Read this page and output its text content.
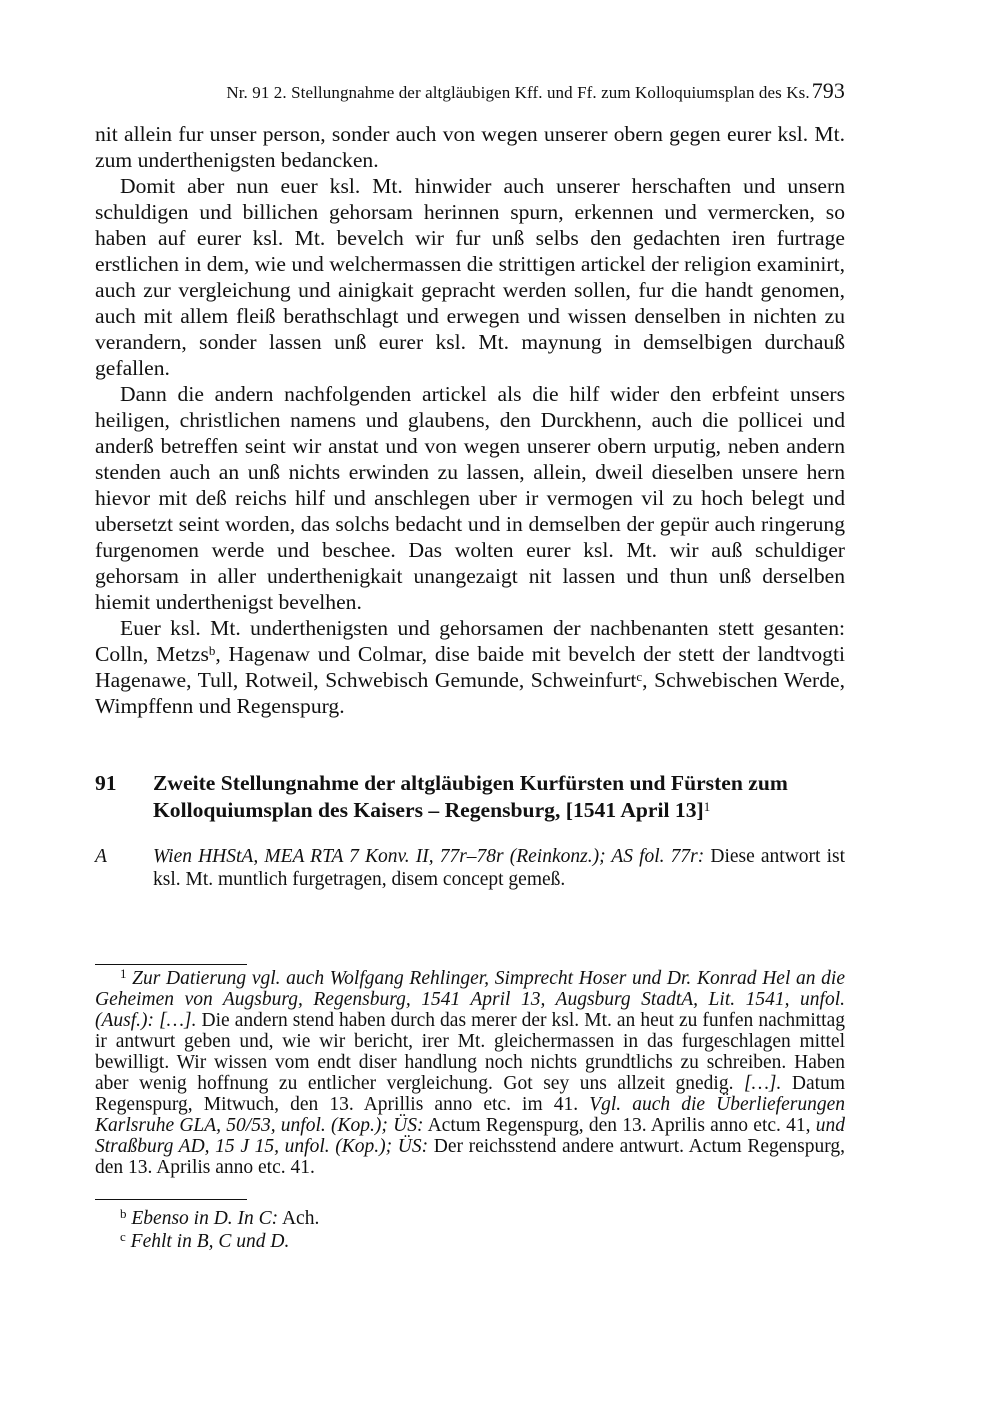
Nr. 91 2. Stellungnahme der altgläubigen Kff. und Ff. zum Kolloquiumsplan des Ks.793

nit allein fur unser person, sonder auch von wegen unserer obern gegen eurer ksl. Mt. zum underthenigsten bedancken.

Domit aber nun euer ksl. Mt. hinwider auch unserer herschaften und unsern schuldigen und billichen gehorsam herinnen spurn, erkennen und vermercken, so haben auf eurer ksl. Mt. bevelch wir fur unß selbs den gedachten iren furtrage erstlichen in dem, wie und welchermassen die strittigen artickel der religion examinirt, auch zur vergleichung und ainigkait gepracht werden sollen, fur die handt genomen, auch mit allem fleiß berathschlagt und erwegen und wissen denselben in nichten zu verandern, sonder lassen unß eurer ksl. Mt. maynung in demselbigen durchauß gefallen.

Dann die andern nachfolgenden artickel als die hilf wider den erbfeint unsers heiligen, christlichen namens und glaubens, den Durckhenn, auch die pollicei und anderß betreffen seint wir anstat und von wegen unserer obern urputig, neben andern stenden auch an unß nichts erwinden zu lassen, allein, dweil dieselben unsere hern hievor mit deß reichs hilf und anschlegen uber ir vermogen vil zu hoch belegt und ubersetzt seint worden, das solchs bedacht und in demselben der gepür auch ringerung furgenomen werde und beschee. Das wolten eurer ksl. Mt. wir auß schuldiger gehorsam in aller underthenigkait unangezaigt nit lassen und thun unß derselben hiemit underthenigst bevelhen.

Euer ksl. Mt. underthenigsten und gehorsamen der nachbenanten stett gesanten: Colln, Metzs$^b$, Hagenaw und Colmar, dise baide mit bevelch der stett der landtvogti Hagenawe, Tull, Rotweil, Schwebisch Gemunde, Schweinfurt$^c$, Schwebischen Werde, Wimpffenn und Regenspurg.

91 Zweite Stellungnahme der altgläubigen Kurfürsten und Fürsten zum Kolloquiumsplan des Kaisers – Regensburg, [1541 April 13]$^1$
A Wien HHStA, MEA RTA 7 Konv. II, 77r–78r (Reinkonz.); AS fol. 77r: Diese antwort ist ksl. Mt. muntlich furgetragen, disem concept gemeß.
$^1$ Zur Datierung vgl. auch Wolfgang Rehlinger, Simprecht Hoser und Dr. Konrad Hel an die Geheimen von Augsburg, Regensburg, 1541 April 13, Augsburg StadtA, Lit. 1541, unfol. (Ausf.): […]. Die andern stend haben durch das merer der ksl. Mt. an heut zu funfen nachmittag ir antwurt geben und, wie wir bericht, irer Mt. gleichermassen in das furgeschlagen mittel bewilligt. Wir wissen vom endt diser handlung noch nichts grundtlichs zu schreiben. Haben aber wenig hoffnung zu entlicher vergleichung. Got sey uns allzeit gnedig. […]. Datum Regenspurg, Mitwuch, den 13. Aprillis anno etc. im 41. Vgl. auch die Überlieferungen Karlsruhe GLA, 50/53, unfol. (Kop.); ÜS: Actum Regenspurg, den 13. Aprilis anno etc. 41, und Straßburg AD, 15 J 15, unfol. (Kop.); ÜS: Der reichsstend andere antwurt. Actum Regenspurg, den 13. Aprilis anno etc. 41.
$^b$ Ebenso in D. In C: Ach.
$^c$ Fehlt in B, C und D.
